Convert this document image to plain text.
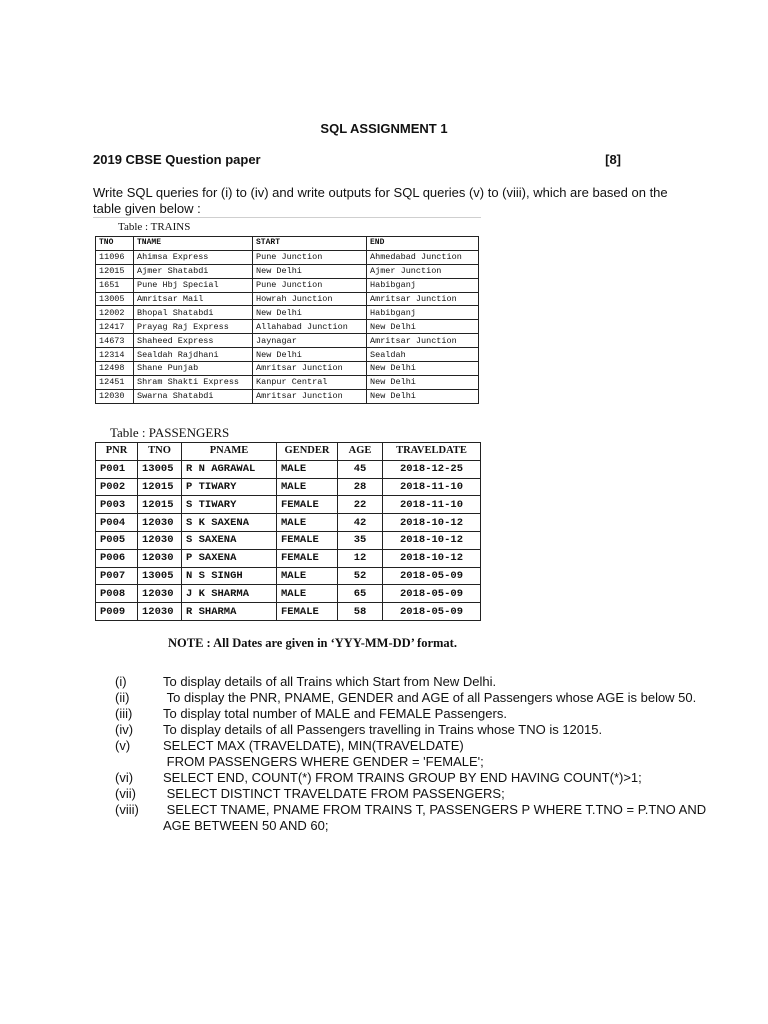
SQL ASSIGNMENT 1
2019 CBSE Question paper	[8]
Write SQL queries for (i) to (iv) and write outputs for SQL queries (v) to (viii), which are based on the table given below :
Table : TRAINS
TNO	TNAME	START	END
11096	Ahimsa Express	Pune Junction	Ahmedabad Junction
12015	Ajmer Shatabdi	New Delhi	Ajmer Junction
1651	Pune Hbj Special	Pune Junction	Habibganj
13005	Amritsar Mail	Howrah Junction	Amritsar Junction
12002	Bhopal Shatabdi	New Delhi	Habibganj
12417	Prayag Raj Express	Allahabad Junction	New Delhi
14673	Shaheed Express	Jaynagar	Amritsar Junction
12314	Sealdah Rajdhani	New Delhi	Sealdah
12498	Shane Punjab	Amritsar Junction	New Delhi
12451	Shram Shakti Express	Kanpur Central	New Delhi
12030	Swarna Shatabdi	Amritsar Junction	New Delhi
Table : PASSENGERS
PNR	TNO	PNAME	GENDER	AGE	TRAVELDATE
P001	13005	R N AGRAWAL	MALE	45	2018-12-25
P002	12015	P TIWARY	MALE	28	2018-11-10
P003	12015	S TIWARY	FEMALE	22	2018-11-10
P004	12030	S K SAXENA	MALE	42	2018-10-12
P005	12030	S SAXENA	FEMALE	35	2018-10-12
P006	12030	P SAXENA	FEMALE	12	2018-10-12
P007	13005	N S SINGH	MALE	52	2018-05-09
P008	12030	J K SHARMA	MALE	65	2018-05-09
P009	12030	R SHARMA	FEMALE	58	2018-05-09
NOTE : All Dates are given in ‘YYY-MM-DD’ format.
(i)	To display details of all Trains which Start from New Delhi.
(ii)	To display the PNR, PNAME, GENDER and AGE of all Passengers whose AGE is below 50.
(iii)	To display total number of MALE and FEMALE Passengers.
(iv)	To display details of all Passengers travelling in Trains whose TNO is 12015.
(v)	SELECT MAX (TRAVELDATE), MIN(TRAVELDATE)
FROM PASSENGERS WHERE GENDER = 'FEMALE';
(vi)	SELECT END, COUNT(*) FROM TRAINS GROUP BY END HAVING COUNT(*)>1;
(vii)	SELECT DISTINCT TRAVELDATE FROM PASSENGERS;
(viii)	SELECT TNAME, PNAME FROM TRAINS T, PASSENGERS P WHERE T.TNO = P.TNO AND
AGE BETWEEN 50 AND 60;
